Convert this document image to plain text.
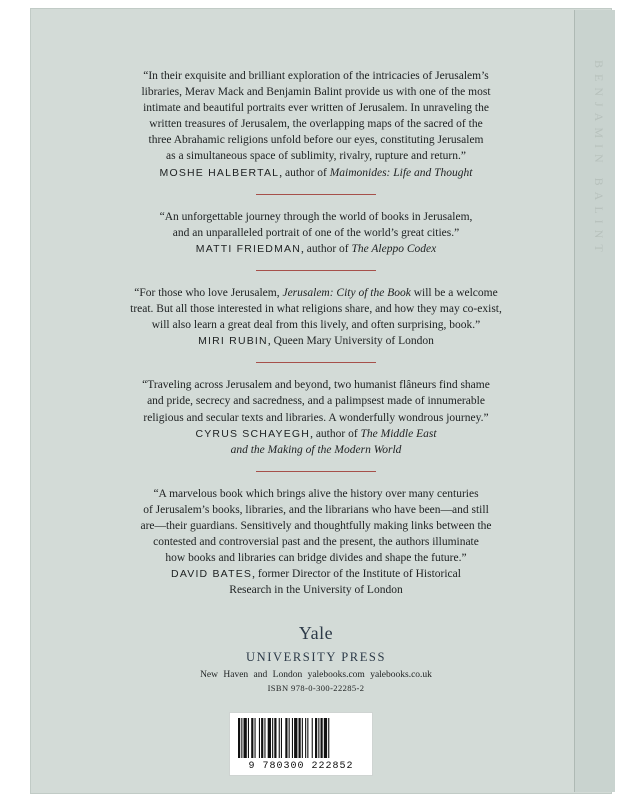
BENJAMIN BALINT

“In their exquisite and brilliant exploration of the intricacies of Jerusalem’s
libraries, Merav Mack and Benjamin Balint provide us with one of the most
intimate and beautiful portraits ever written of Jerusalem. In unraveling the
written treasures of Jerusalem, the overlapping maps of the sacred of the
three Abrahamic religions unfold before our eyes, constituting Jerusalem
as a simultaneous space of sublimity, rivalry, rupture and return.”

MOSHE HALBERTAL, author of Maimonides: Life and Thought

“An unforgettable journey through the world of books in Jerusalem,
and an unparalleled portrait of one of the world’s great cities.”

MATTI FRIEDMAN, author of The Aleppo Codex

“For those who love Jerusalem, Jerusalem: City of the Book will be a welcome
treat. But all those interested in what religions share, and how they may co-exist,
will also learn a great deal from this lively, and often surprising, book.”

MIRI RUBIN, Queen Mary University of London

“Traveling across Jerusalem and beyond, two humanist flâneurs find shame
and pride, secrecy and sacredness, and a palimpsest made of innumerable
religious and secular texts and libraries. A wonderfully wondrous journey.”

CYRUS SCHAYEGH, author of The Middle East
and the Making of the Modern World

“A marvelous book which brings alive the history over many centuries
of Jerusalem’s books, libraries, and the librarians who have been—and still
are—their guardians. Sensitively and thoughtfully making links between the
contested and controversial past and the present, the authors illuminate
how books and libraries can bridge divides and shape the future.”

DAVID BATES, former Director of the Institute of Historical
Research in the University of London

Yale
UNIVERSITY PRESS
New Haven and London yalebooks.com yalebooks.co.uk
ISBN 978-0-300-22285-2
9 780300 222852
